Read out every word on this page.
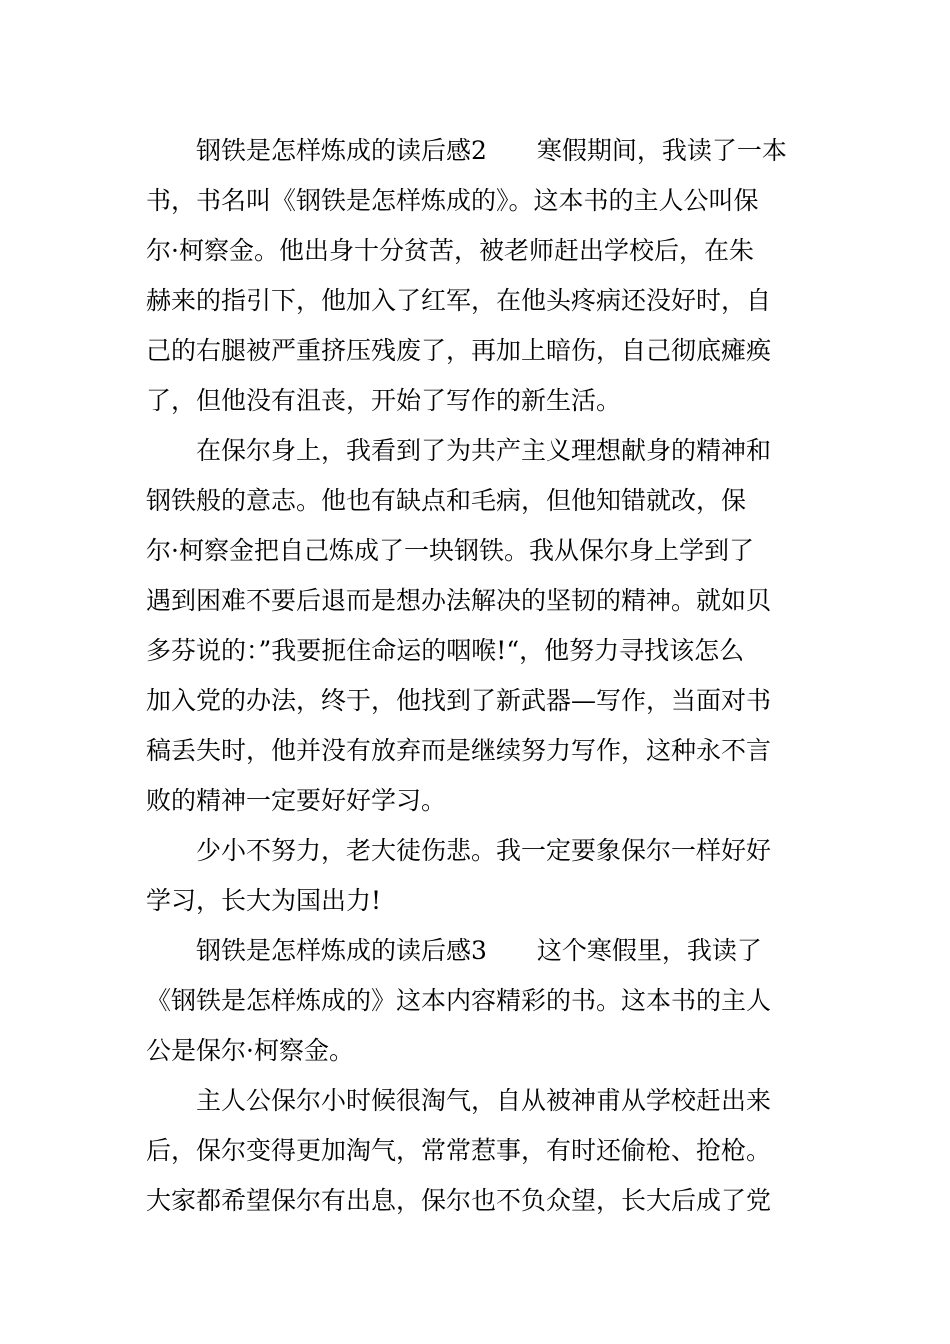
　　钢铁是怎样炼成的读后感2　　寒假期间，我读了一本
书，书名叫《钢铁是怎样炼成的》。这本书的主人公叫保
尔·柯察金。他出身十分贫苦，被老师赶出学校后，在朱
赫来的指引下，他加入了红军，在他头疼病还没好时，自
己的右腿被严重挤压残废了，再加上暗伤，自己彻底瘫痪
了，但他没有沮丧，开始了写作的新生活。
　　在保尔身上，我看到了为共产主义理想献身的精神和
钢铁般的意志。他也有缺点和毛病，但他知错就改，保
尔·柯察金把自己炼成了一块钢铁。我从保尔身上学到了
遇到困难不要后退而是想办法解决的坚韧的精神。就如贝
多芬说的：”我要扼住命运的咽喉!“，他努力寻找该怎么
加入党的办法，终于，他找到了新武器—写作，当面对书
稿丢失时，他并没有放弃而是继续努力写作，这种永不言
败的精神一定要好好学习。
　　少小不努力，老大徒伤悲。我一定要象保尔一样好好
学习，长大为国出力!
　　钢铁是怎样炼成的读后感3　　这个寒假里，我读了
《钢铁是怎样炼成的》这本内容精彩的书。这本书的主人
公是保尔·柯察金。
　　主人公保尔小时候很淘气，自从被神甫从学校赶出来
后，保尔变得更加淘气，常常惹事，有时还偷枪、抢枪。
大家都希望保尔有出息，保尔也不负众望，长大后成了党
